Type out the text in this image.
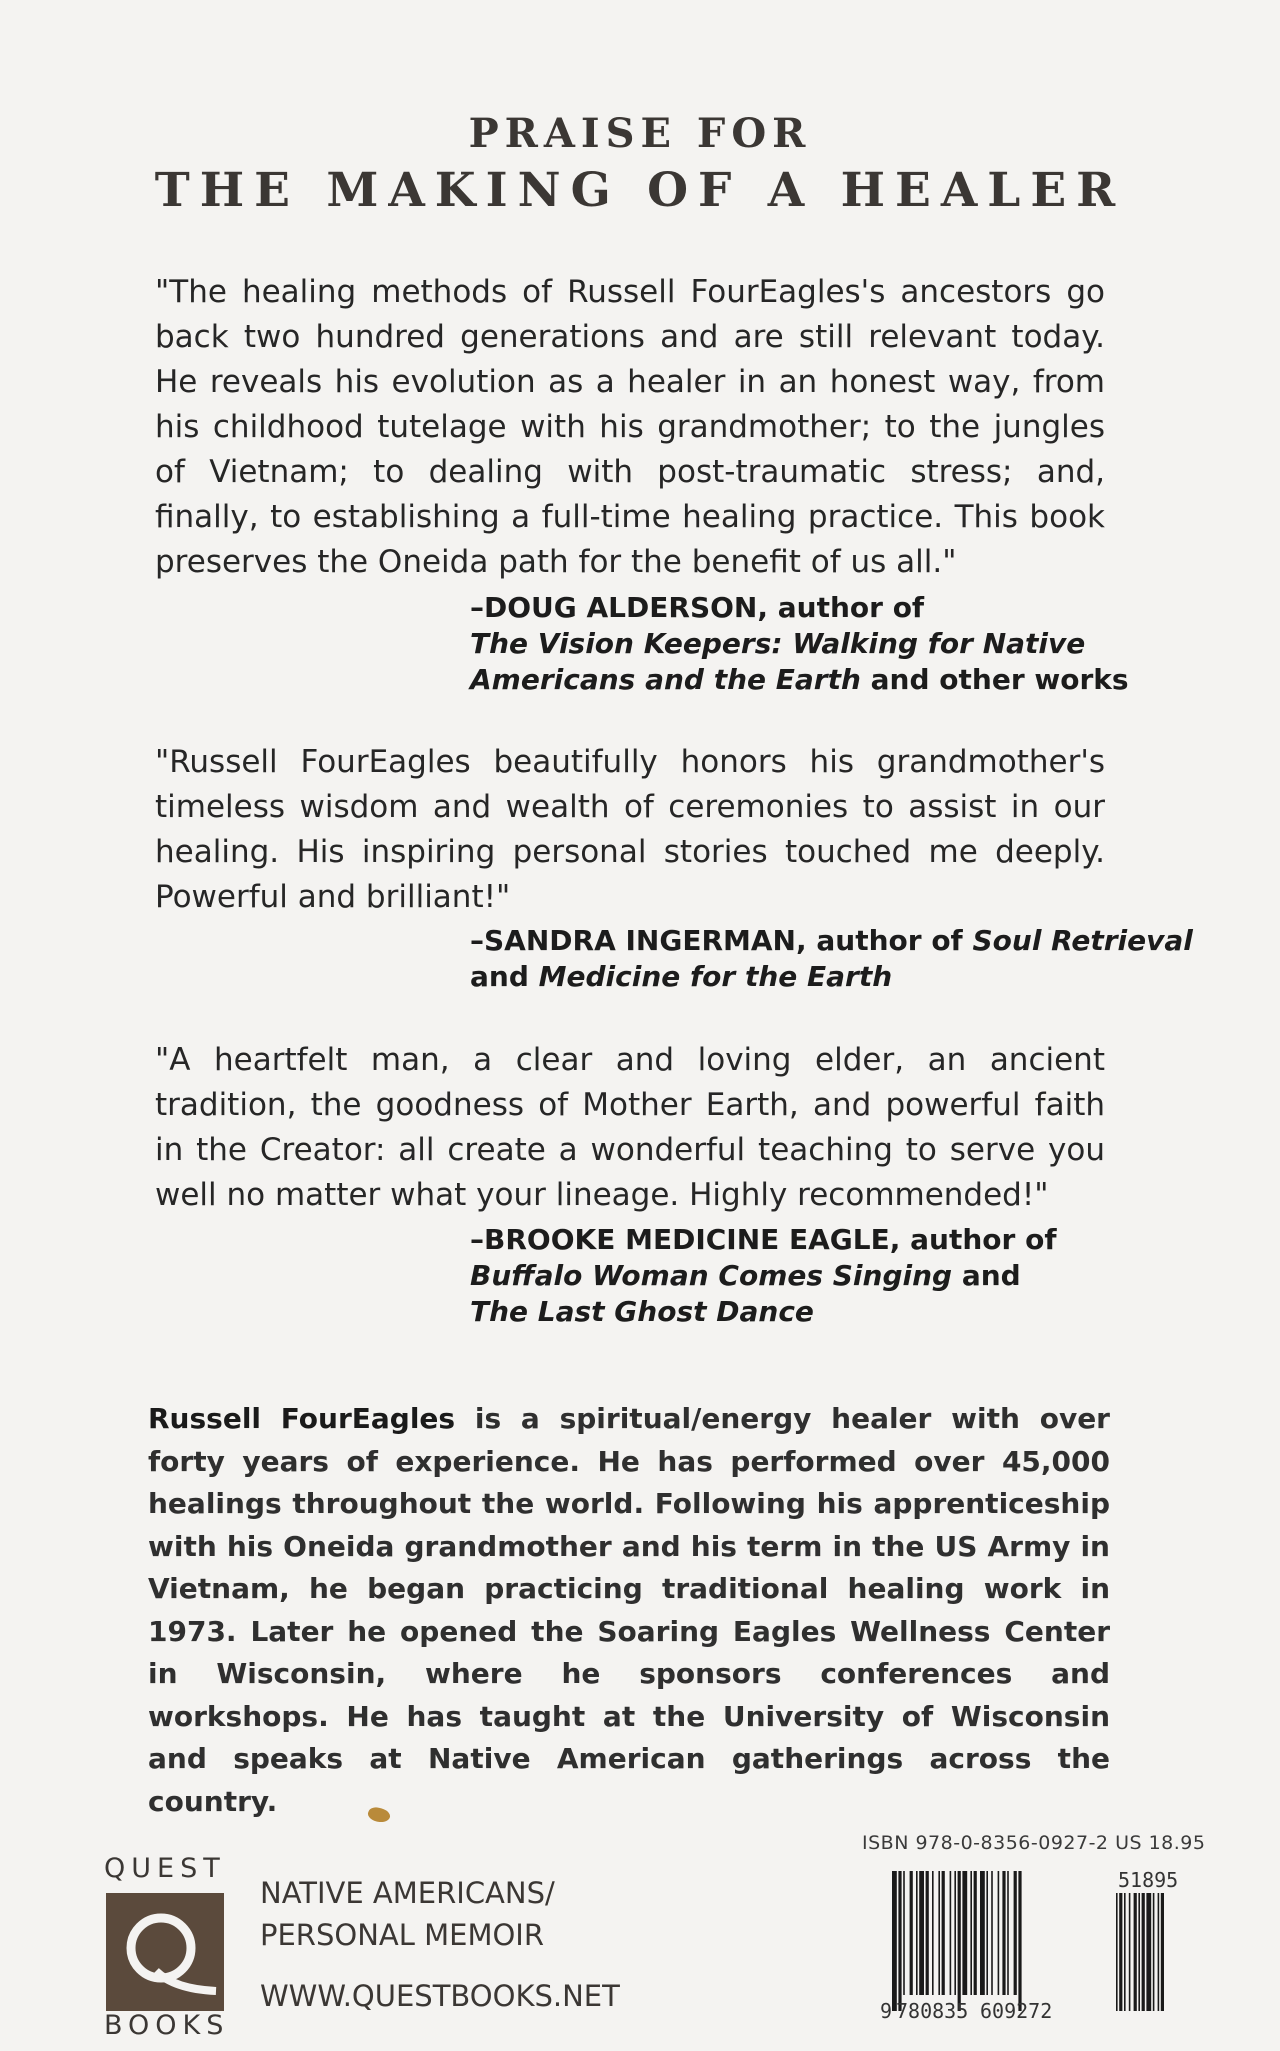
PRAISE FOR
THE MAKING OF A HEALER
"The healing methods of Russell FourEagles's ancestors go back two hundred generations and are still relevant today. He reveals his evolution as a healer in an honest way, from his childhood tutelage with his grandmother; to the jungles of Vietnam; to dealing with post-traumatic stress; and, finally, to establishing a full-time healing practice. This book preserves the Oneida path for the benefit of us all."
–DOUG ALDERSON, author of
The Vision Keepers: Walking for Native
Americans and the Earth and other works
"Russell FourEagles beautifully honors his grandmother's timeless wisdom and wealth of ceremonies to assist in our healing. His inspiring personal stories touched me deeply. Powerful and brilliant!"
–SANDRA INGERMAN, author of Soul Retrieval
and Medicine for the Earth
"A heartfelt man, a clear and loving elder, an ancient tradition, the goodness of Mother Earth, and powerful faith in the Creator: all create a wonderful teaching to serve you well no matter what your lineage. Highly recommended!"
–BROOKE MEDICINE EAGLE, author of
Buffalo Woman Comes Singing and
The Last Ghost Dance
Russell FourEagles is a spiritual/energy healer with over forty years of experience. He has performed over 45,000 healings throughout the world. Following his apprenticeship with his Oneida grandmother and his term in the US Army in Vietnam, he began practicing traditional healing work in 1973. Later he opened the Soaring Eagles Wellness Center in Wisconsin, where he sponsors conferences and workshops. He has taught at the University of Wisconsin and speaks at Native American gatherings across the country.
QUEST
BOOKS
NATIVE AMERICANS/
PERSONAL MEMOIR
WWW.QUESTBOOKS.NET
ISBN 978-0-8356-0927-2 US 18.95
9 780835 609272
51895
